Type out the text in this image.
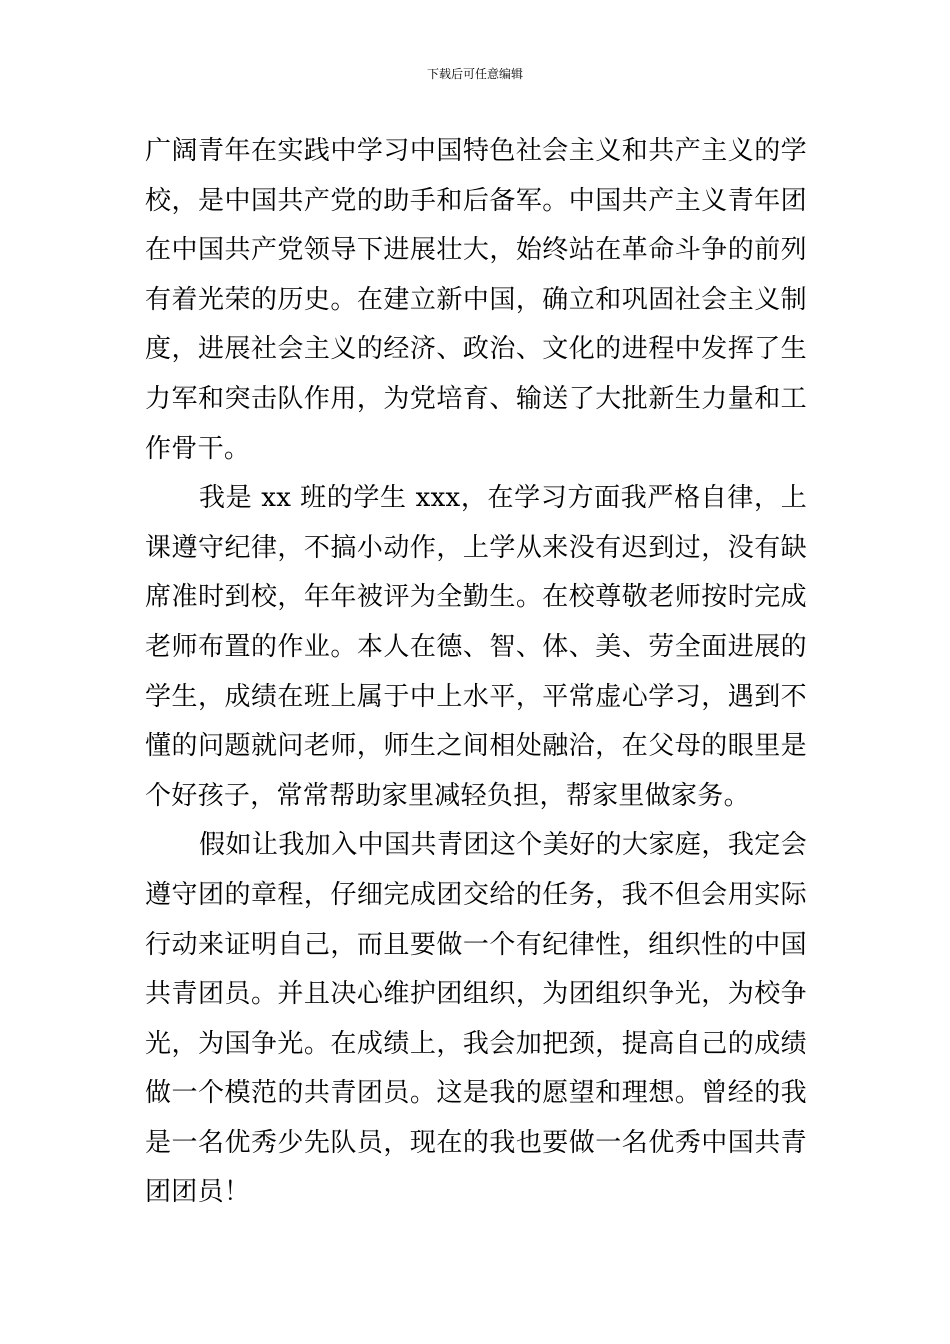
下载后可任意编辑

广阔青年在实践中学习中国特色社会主义和共产主义的学校，是中国共产党的助手和后备军。中国共产主义青年团在中国共产党领导下进展壮大，始终站在革命斗争的前列有着光荣的历史。在建立新中国，确立和巩固社会主义制度，进展社会主义的经济、政治、文化的进程中发挥了生力军和突击队作用，为党培育、输送了大批新生力量和工作骨干。

我是 xx 班的学生 xxx，在学习方面我严格自律，上课遵守纪律，不搞小动作，上学从来没有迟到过，没有缺席准时到校，年年被评为全勤生。在校尊敬老师按时完成老师布置的作业。本人在德、智、体、美、劳全面进展的学生，成绩在班上属于中上水平，平常虚心学习，遇到不懂的问题就问老师，师生之间相处融洽，在父母的眼里是个好孩子，常常帮助家里减轻负担，帮家里做家务。

假如让我加入中国共青团这个美好的大家庭，我定会遵守团的章程，仔细完成团交给的任务，我不但会用实际行动来证明自己，而且要做一个有纪律性，组织性的中国共青团员。并且决心维护团组织，为团组织争光，为校争光，为国争光。在成绩上，我会加把颈，提高自己的成绩做一个模范的共青团员。这是我的愿望和理想。曾经的我是一名优秀少先队员，现在的我也要做一名优秀中国共青团团员！
